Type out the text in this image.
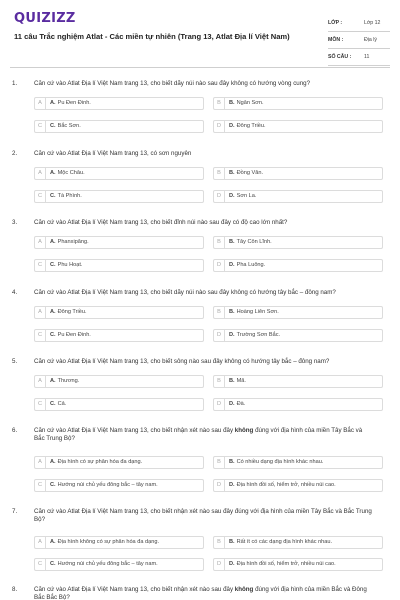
QUIZIZZ
11 câu Trắc nghiệm Atlat - Các miền tự nhiên (Trang 13, Atlat Địa lí Việt Nam)
LỚP :	Lớp 12
MÔN :	Địa lý
SỐ CÂU : 11
1.	Căn cứ vào Atlat Địa lí Việt Nam trang 13, cho biết dãy núi nào sau đây không có hướng vòng cung?
A	A. Pu Đen Đinh.	B	B. Ngân Sơn.
C	C. Bắc Sơn.	D	D. Đông Triều.
2.	Căn cứ vào Atlat Địa lí Việt Nam trang 13, có sơn nguyên
A	A. Mộc Châu.	B	B. Đồng Văn.
C	C. Tà Phình.	D	D. Sơn La.
3.	Căn cứ vào Atlat Địa lí Việt Nam trang 13, cho biết đỉnh núi nào sau đây có độ cao lớn nhất?
A	A. Phanxipăng.	B	B. Tây Côn Lĩnh.
C	C. Phu Hoạt.	D	D. Pha Luông.
4.	Căn cứ vào Atlat Địa lí Việt Nam trang 13, cho biết dãy núi nào sau đây không có hướng tây bắc – đông nam?
A	A. Đông Triều.	B	B. Hoàng Liên Sơn.
C	C. Pu Đen Đinh.	D	D. Trường Sơn Bắc.
5.	Căn cứ vào Atlat Địa lí Việt Nam trang 13, cho biết sông nào sau đây không có hướng tây bắc – đông nam?
A	A. Thương.	B	B. Mã.
C	C. Cả.	D	D. Đà.
6.	Căn cứ vào Atlat Địa lí Việt Nam trang 13, cho biết nhận xét nào sau đây không đúng với địa hình của miền Tây Bắc và Bắc Trung Bộ?
A	A. Địa hình có sự phân hóa đa dạng.	B	B. Có nhiều dạng địa hình khác nhau.
C	C. Hướng núi chủ yếu đông bắc – tây nam.	D	D. Địa hình đồi số, hiểm trở, nhiều núi cao.
7.	Căn cứ vào Atlat Địa lí Việt Nam trang 13, cho biết nhận xét nào sau đây đúng với địa hình của miền Tây Bắc và Bắc Trung Bộ?
A	A. Địa hình không có sự phân hóa đa dạng.	B	B. Rất ít có các dạng địa hình khác nhau.
C	C. Hướng núi chủ yếu đông bắc – tây nam.	D	D. Địa hình đồi số, hiểm trở, nhiều núi cao.
8.	Căn cứ vào Atlat Địa lí Việt Nam trang 13, cho biết nhận xét nào sau đây không đúng với địa hình của miền Bắc và Đông Bắc Bắc Bộ?
